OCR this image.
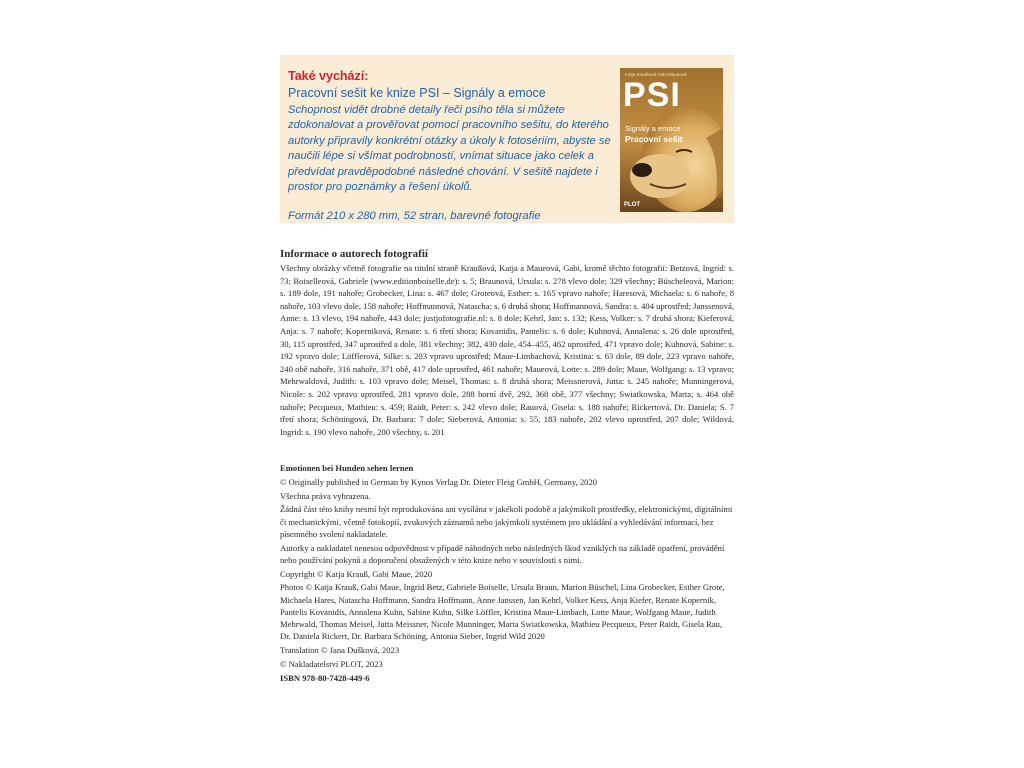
Také vychází:
Pracovní sešit ke knize PSI – Signály a emoce
Schopnost vidět drobné detaily řeči psího těla si můžete zdokonalovat a prověřovat pomocí pracovního sešitu, do kterého autorky připravily konkrétní otázky a úkoly k fotosériím, abyste se naučili lépe si všímat podrobností, vnímat situace jako celek a předvídat pravděpodobné následné chování. V sešitě najdete i prostor pro poznámky a řešení úkolů.
Formát 210 x 280 mm, 52 stran, barevné fotografie
Katja Kraußová Gabi Maueová
PSI
Signály a emoce
Pracovní sešit
PLOT
Informace o autorech fotografií
Všechny obrázky včetně fotografie na titulní straně Kraußová, Katja a Maueová, Gabi, kromě těchto fotografií: Betzová, Ingrid: s. 73; Boiselleová, Gabriele (www.editionboiselle.de): s. 5; Braunová, Ursula: s. 278 vlevo dole; 329 všechny; Büscheleová, Marion: s. 189 dole, 191 nahoře; Grobecker, Lina: s. 467 dole; Groteová, Esther: s. 165 vpravo nahoře; Haresová, Michaela: s. 6 nahoře, 8 nahoře, 103 vlevo dole, 158 nahoře; Hoffmannová, Natascha: s. 6 druhá shora; Hoffmannová, Sandra: s. 404 uprostřed; Janssenová, Anne: s. 13 vlevo, 194 nahoře, 443 dole; justjofotografie.nl: s. 8 dole; Kehrl, Jan: s. 132; Kess, Volker: s. 7 druhá shora; Kieferová, Anja: s. 7 nahoře; Koperniková, Renate: s. 6 třetí shora; Kovanidis, Pantelis: s. 6 dole; Kuhnová, Annalena: s. 26 dole uprostřed, 30, 115 uprostřed, 347 uprostřed a dole, 381 všechny; 382, 430 dole, 454–455, 462 uprostřed, 471 vpravo dole; Kuhnová, Sabine: s. 192 vpravo dole; Löfflerová, Silke: s. 203 vpravo uprostřed; Maue-Limbachová, Kristina: s. 63 dole, 89 dole, 223 vpravo nahoře, 240 obě nahoře, 316 nahoře, 371 obě, 417 dole uprostřed, 461 nahoře; Maueová, Lotte: s. 289 dole; Maue, Wolfgang: s. 13 vpravo; Mehrwaldová, Judith: s. 103 vpravo dole; Meisel, Thomas: s. 8 druhá shora; Meissnerová, Jutta: s. 245 nahoře; Munningerová, Nicole: s. 202 vpravo uprostřed, 281 vpravo dole, 288 horní dvě, 292, 368 obě, 377 všechny; Swiatkowska, Marta; s. 464 obě nahoře; Pecqueux, Mathieu: s. 459; Raidt, Peter: s. 242 vlevo dole; Rauová, Gisela: s. 188 nahoře; Rickertová, Dr. Daniela; S. 7 třetí shora; Schöningová, Dr. Barbara: 7 dole; Sieberová, Antonia: s. 55, 183 nahoře, 202 vlevo uprostřed, 207 dole; Wildová, Ingrid: s. 190 vlevo nahoře, 200 všechny, s. 201

Emotionen bei Hunden sehen lernen

© Originally published in German by Kynos Verlag Dr. Dieter Fleig GmbH, Germany, 2020

Všechna práva vyhrazena.

Žádná část této knihy nesmí být reprodukována ani vysílána v jakékoli podobě a jakýmikoli prostředky, elektronickými, digitálními či mechanickými, včetně fotokopií, zvukových záznamů nebo jakýmkoli systémem pro ukládání a vyhledávání informací, bez písemného svolení nakladatele.

Autorky a nakladatel nenesou odpovědnost v případě náhodných nebo následných škod vzniklých na základě opatření, provádění nebo používání pokynů a doporučení obsažených v této knize nebo v souvislosti s nimi.

Copyright © Katja Krauß, Gabi Maue, 2020

Photos © Katja Krauß, Gabi Maue, Ingrid Betz, Gabriele Boiselle, Ursula Braun, Marion Büschel, Lina Grobecker, Esther Grote, Michaela Hares, Natascha Hoffmann, Sandra Hoffmann, Anne Janssen, Jan Kehrl, Volker Kess, Anja Kiefer, Renate Kopernik, Pantelis Kovanidis, Annalena Kuhn, Sabine Kuhn, Silke Löffler, Kristina Maue-Limbach, Lotte Maue, Wolfgang Maue, Judith Mehrwald, Thomas Meisel, Jutta Meissner, Nicole Munninger, Marta Swiatkowska, Mathieu Pecqueux, Peter Raidt, Gisela Rau, Dr. Daniela Rickert, Dr. Barbara Schöning, Antonia Sieber, Ingrid Wild 2020

Translation © Jana Dušková, 2023

© Nakladatelství PLOT, 2023

ISBN 978-80-7428-449-6
